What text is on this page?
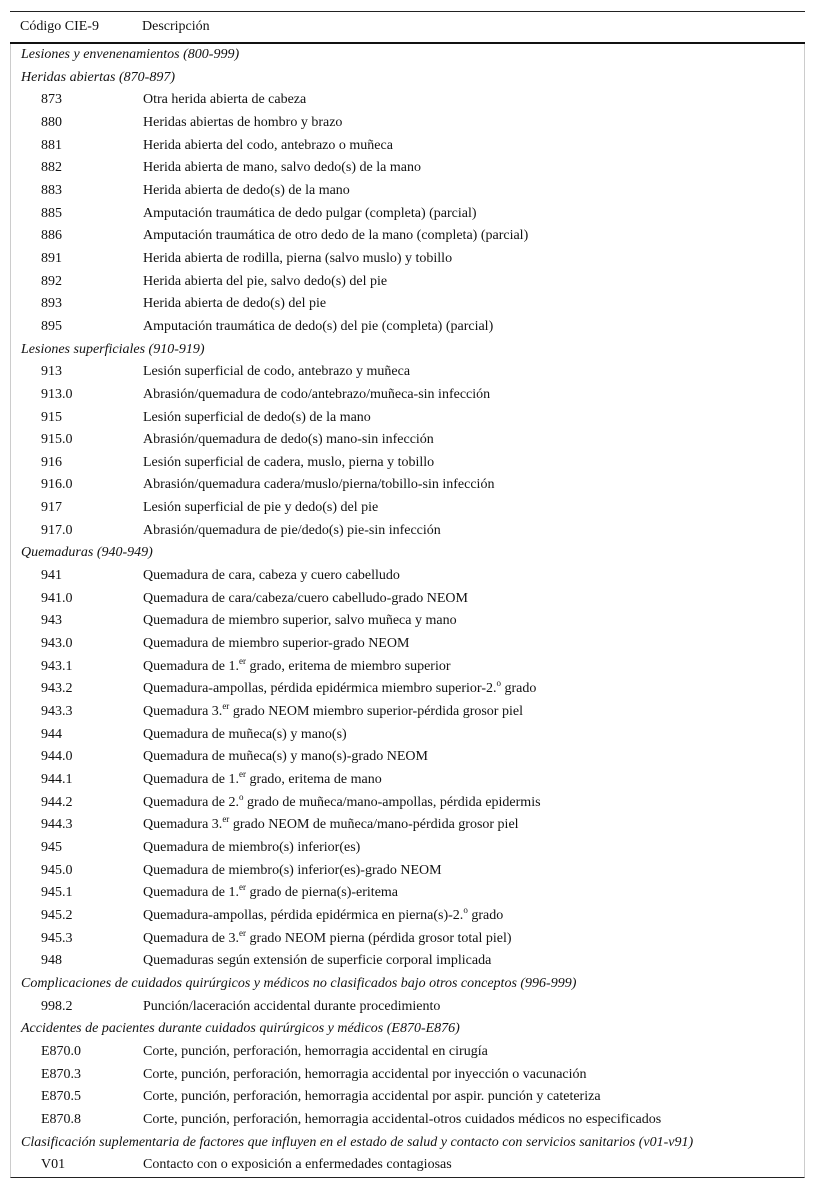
Código CIE-9	Descripción
Lesiones y envenenamientos (800-999)
Heridas abiertas (870-897)
873	Otra herida abierta de cabeza
880	Heridas abiertas de hombro y brazo
881	Herida abierta del codo, antebrazo o muñeca
882	Herida abierta de mano, salvo dedo(s) de la mano
883	Herida abierta de dedo(s) de la mano
885	Amputación traumática de dedo pulgar (completa) (parcial)
886	Amputación traumática de otro dedo de la mano (completa) (parcial)
891	Herida abierta de rodilla, pierna (salvo muslo) y tobillo
892	Herida abierta del pie, salvo dedo(s) del pie
893	Herida abierta de dedo(s) del pie
895	Amputación traumática de dedo(s) del pie (completa) (parcial)
Lesiones superficiales (910-919)
913	Lesión superficial de codo, antebrazo y muñeca
913.0	Abrasión/quemadura de codo/antebrazo/muñeca-sin infección
915	Lesión superficial de dedo(s) de la mano
915.0	Abrasión/quemadura de dedo(s) mano-sin infección
916	Lesión superficial de cadera, muslo, pierna y tobillo
916.0	Abrasión/quemadura cadera/muslo/pierna/tobillo-sin infección
917	Lesión superficial de pie y dedo(s) del pie
917.0	Abrasión/quemadura de pie/dedo(s) pie-sin infección
Quemaduras (940-949)
941	Quemadura de cara, cabeza y cuero cabelludo
941.0	Quemadura de cara/cabeza/cuero cabelludo-grado NEOM
943	Quemadura de miembro superior, salvo muñeca y mano
943.0	Quemadura de miembro superior-grado NEOM
943.1	Quemadura de 1.$^{er}$ grado, eritema de miembro superior
943.2	Quemadura-ampollas, pérdida epidérmica miembro superior-2.$^o$ grado
943.3	Quemadura 3.$^{er}$ grado NEOM miembro superior-pérdida grosor piel
944	Quemadura de muñeca(s) y mano(s)
944.0	Quemadura de muñeca(s) y mano(s)-grado NEOM
944.1	Quemadura de 1.$^{er}$ grado, eritema de mano
944.2	Quemadura de 2.$^o$ grado de muñeca/mano-ampollas, pérdida epidermis
944.3	Quemadura 3.$^{er}$ grado NEOM de muñeca/mano-pérdida grosor piel
945	Quemadura de miembro(s) inferior(es)
945.0	Quemadura de miembro(s) inferior(es)-grado NEOM
945.1	Quemadura de 1.$^{er}$ grado de pierna(s)-eritema
945.2	Quemadura-ampollas, pérdida epidérmica en pierna(s)-2.$^o$ grado
945.3	Quemadura de 3.$^{er}$ grado NEOM pierna (pérdida grosor total piel)
948	Quemaduras según extensión de superficie corporal implicada
Complicaciones de cuidados quirúrgicos y médicos no clasificados bajo otros conceptos (996-999)
998.2	Punción/laceración accidental durante procedimiento
Accidentes de pacientes durante cuidados quirúrgicos y médicos (E870-E876)
E870.0	Corte, punción, perforación, hemorragia accidental en cirugía
E870.3	Corte, punción, perforación, hemorragia accidental por inyección o vacunación
E870.5	Corte, punción, perforación, hemorragia accidental por aspir. punción y cateteriza
E870.8	Corte, punción, perforación, hemorragia accidental-otros cuidados médicos no especificados
Clasificación suplementaria de factores que influyen en el estado de salud y contacto con servicios sanitarios (v01-v91)
V01	Contacto con o exposición a enfermedades contagiosas
